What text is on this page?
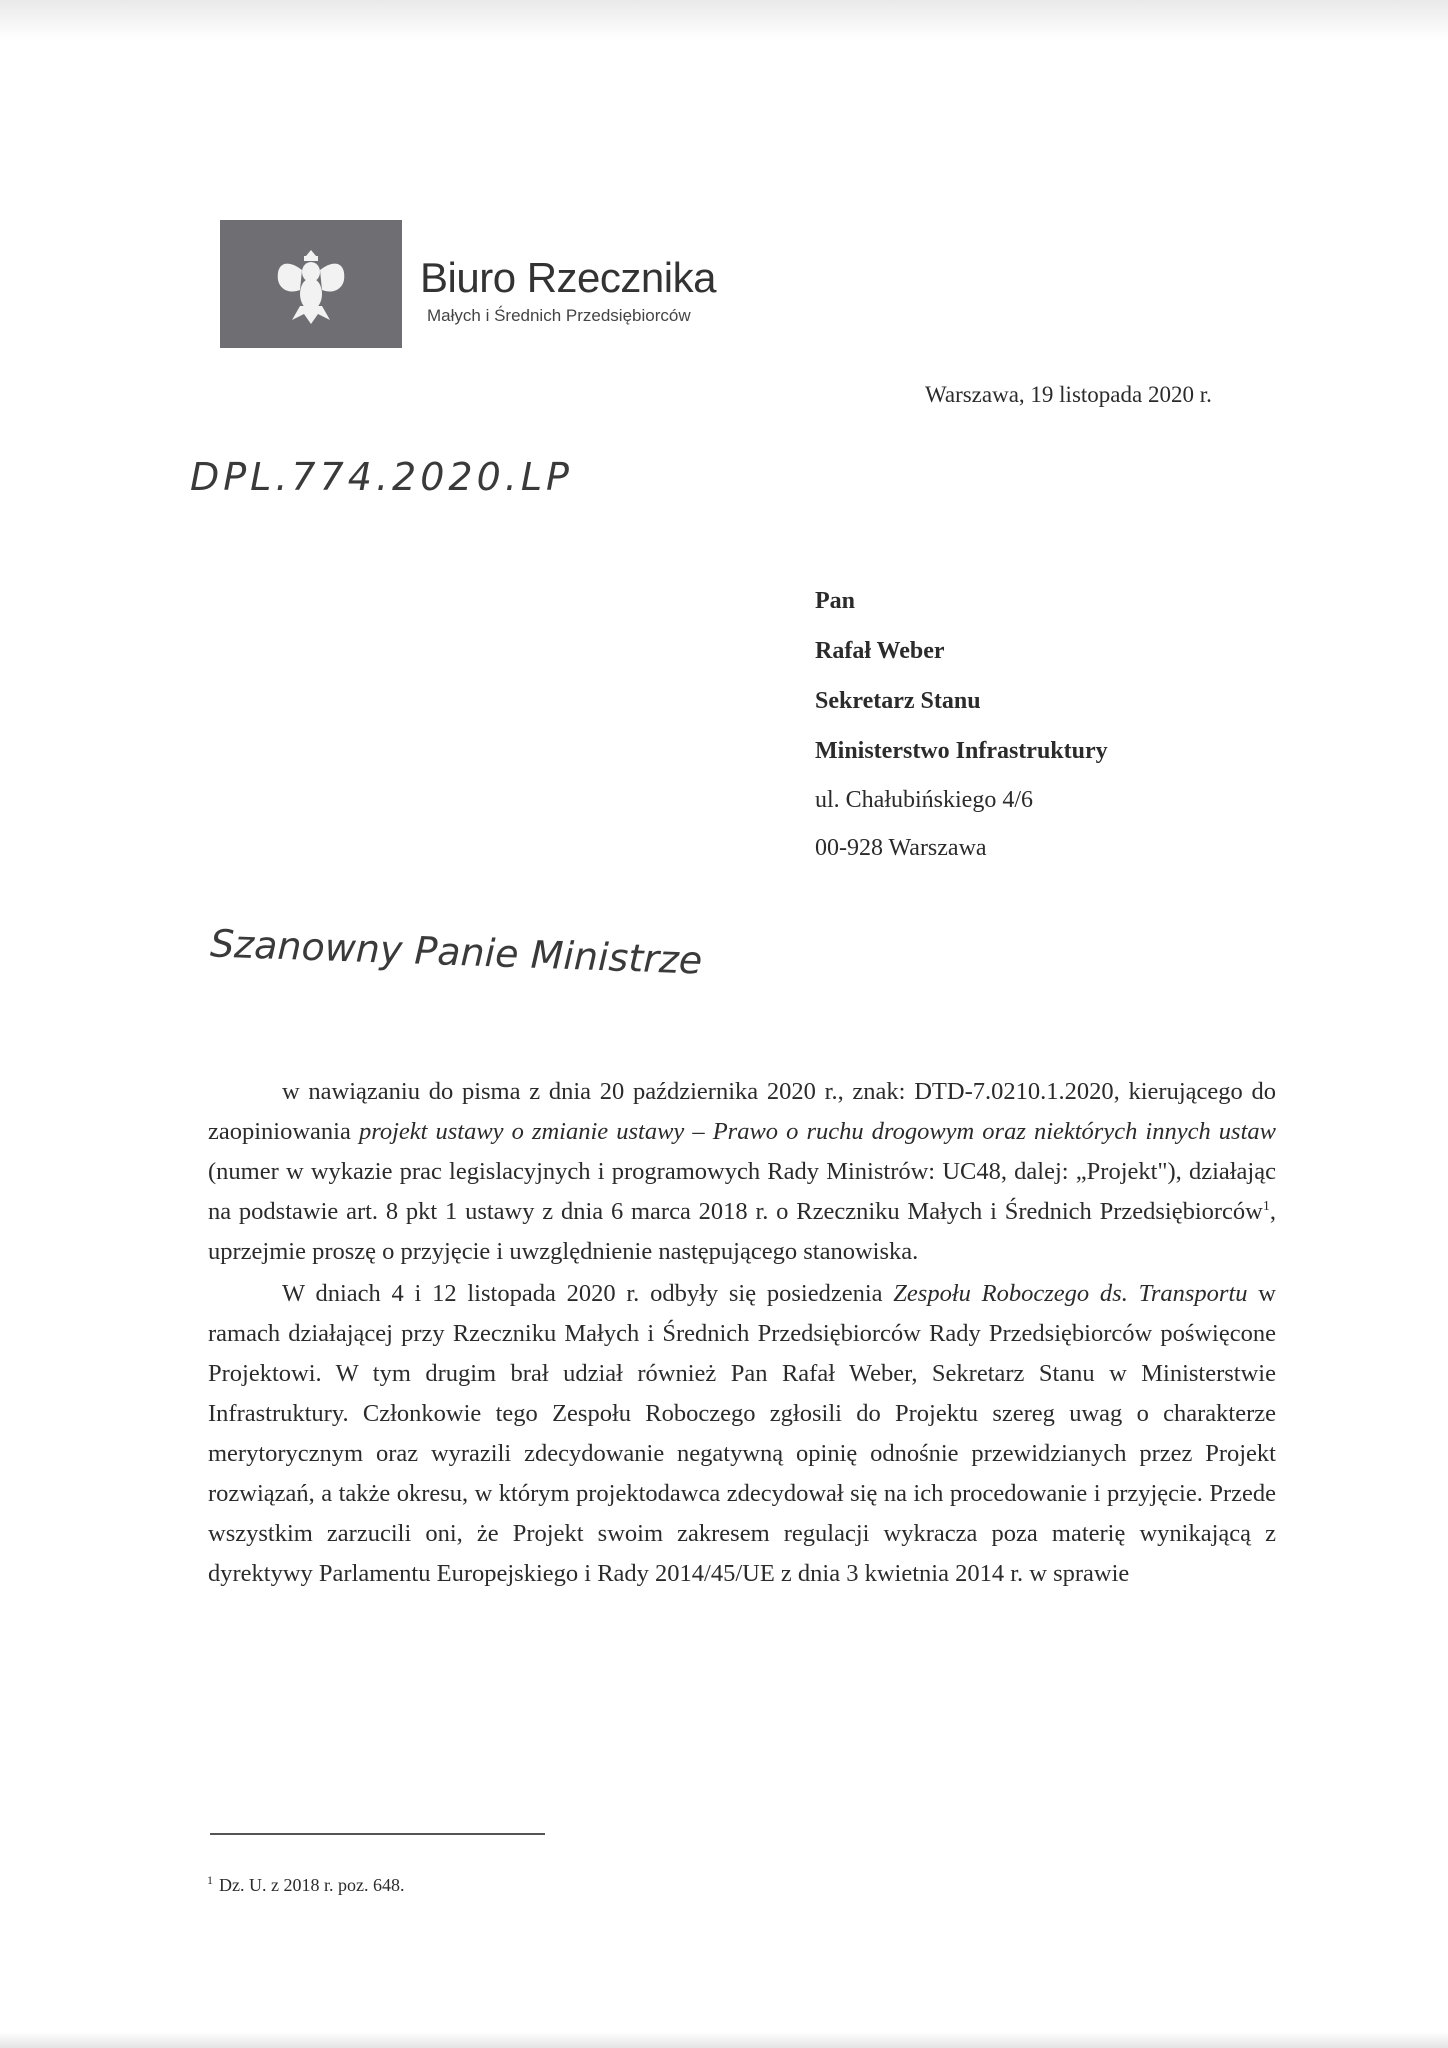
Biuro Rzecznika
Małych i Średnich Przedsiębiorców
Warszawa, 19 listopada 2020 r.
DPL.774.2020.LP
Pan
Rafał Weber
Sekretarz Stanu
Ministerstwo Infrastruktury
ul. Chałubińskiego 4/6
00-928 Warszawa
Szanowny Panie Ministrze

w nawiązaniu do pisma z dnia 20 października 2020 r., znak: DTD-7.0210.1.2020, kierującego do zaopiniowania projekt ustawy o zmianie ustawy – Prawo o ruchu drogowym oraz niektórych innych ustaw (numer w wykazie prac legislacyjnych i programowych Rady Ministrów: UC48, dalej: „Projekt"), działając na podstawie art. 8 pkt 1 ustawy z dnia 6 marca 2018 r. o Rzeczniku Małych i Średnich Przedsiębiorców$^1$, uprzejmie proszę o przyjęcie i uwzględnienie następującego stanowiska.

W dniach 4 i 12 listopada 2020 r. odbyły się posiedzenia Zespołu Roboczego ds. Transportu w ramach działającej przy Rzeczniku Małych i Średnich Przedsiębiorców Rady Przedsiębiorców poświęcone Projektowi. W tym drugim brał udział również Pan Rafał Weber, Sekretarz Stanu w Ministerstwie Infrastruktury. Członkowie tego Zespołu Roboczego zgłosili do Projektu szereg uwag o charakterze merytorycznym oraz wyrazili zdecydowanie negatywną opinię odnośnie przewidzianych przez Projekt rozwiązań, a także okresu, w którym projektodawca zdecydował się na ich procedowanie i przyjęcie. Przede wszystkim zarzucili oni, że Projekt swoim zakresem regulacji wykracza poza materię wynikającą z dyrektywy Parlamentu Europejskiego i Rady 2014/45/UE z dnia 3 kwietnia 2014 r. w sprawie

$^1$ Dz. U. z 2018 r. poz. 648.
